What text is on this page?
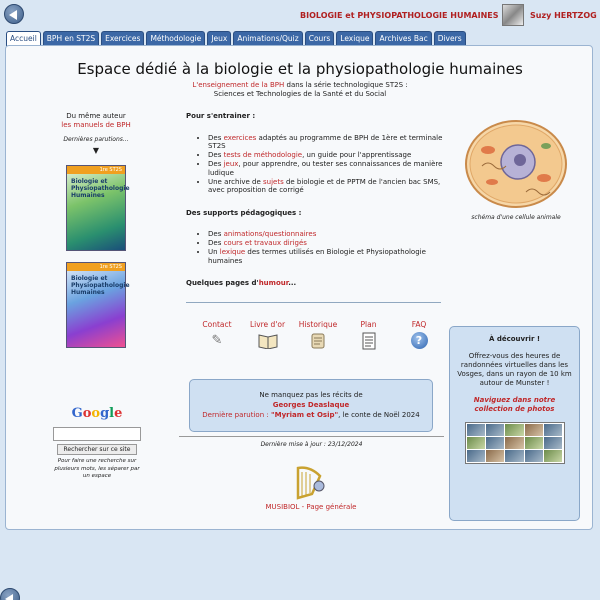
BIOLOGIE et PHYSIOPATHOLOGIE HUMAINES	Suzy HERTZOG
Accueil	BPH en ST2S	Exercices	Méthodologie	Jeux	Animations/Quiz	Cours	Lexique	Archives Bac	Divers
Espace dédié à la biologie et la physiopathologie humaines
L'enseignement de la BPH dans la série technologique ST2S :
Sciences et Technologies de la Santé et du Social
Du même auteur
les manuels de BPH
Dernières parutions...
▼
1re ST2S
Biologie et Physiopathologie Humaines
1re ST2S
Biologie et Physiopathologie Humaines
Pour s'entrainer :
• Des exercices adaptés au programme de BPH de 1ère et terminale ST2S
• Des tests de méthodologie, un guide pour l'apprentissage
• Des jeux, pour apprendre, ou tester ses connaissances de manière ludique
• Une archive de sujets de biologie et de PPTM de l'ancien bac SMS, avec proposition de corrigé
Des supports pédagogiques :
• Des animations/questionnaires
• Des cours et travaux dirigés
• Un lexique des termes utilisés en Biologie et Physiopathologie humaines
Quelques pages d'humour...
Contact
✎
Livre d'or	Historique	Plan	FAQ
?
schéma d'une cellule animale
Ne manquez pas les récits de
Georges Deaslaque
Dernière parution : "Myriam et Osip", le conte de Noël 2024
Dernière mise à jour : 23/12/2024
MUSIBIOL - Page générale
Google
Rechercher sur ce site
Pour faire une recherche sur plusieurs mots, les séparer par un espace
À découvrir !
Offrez-vous des heures de randonnées virtuelles dans les Vosges, dans un rayon de 10 km autour de Munster !
Naviguez dans notre collection de photos
